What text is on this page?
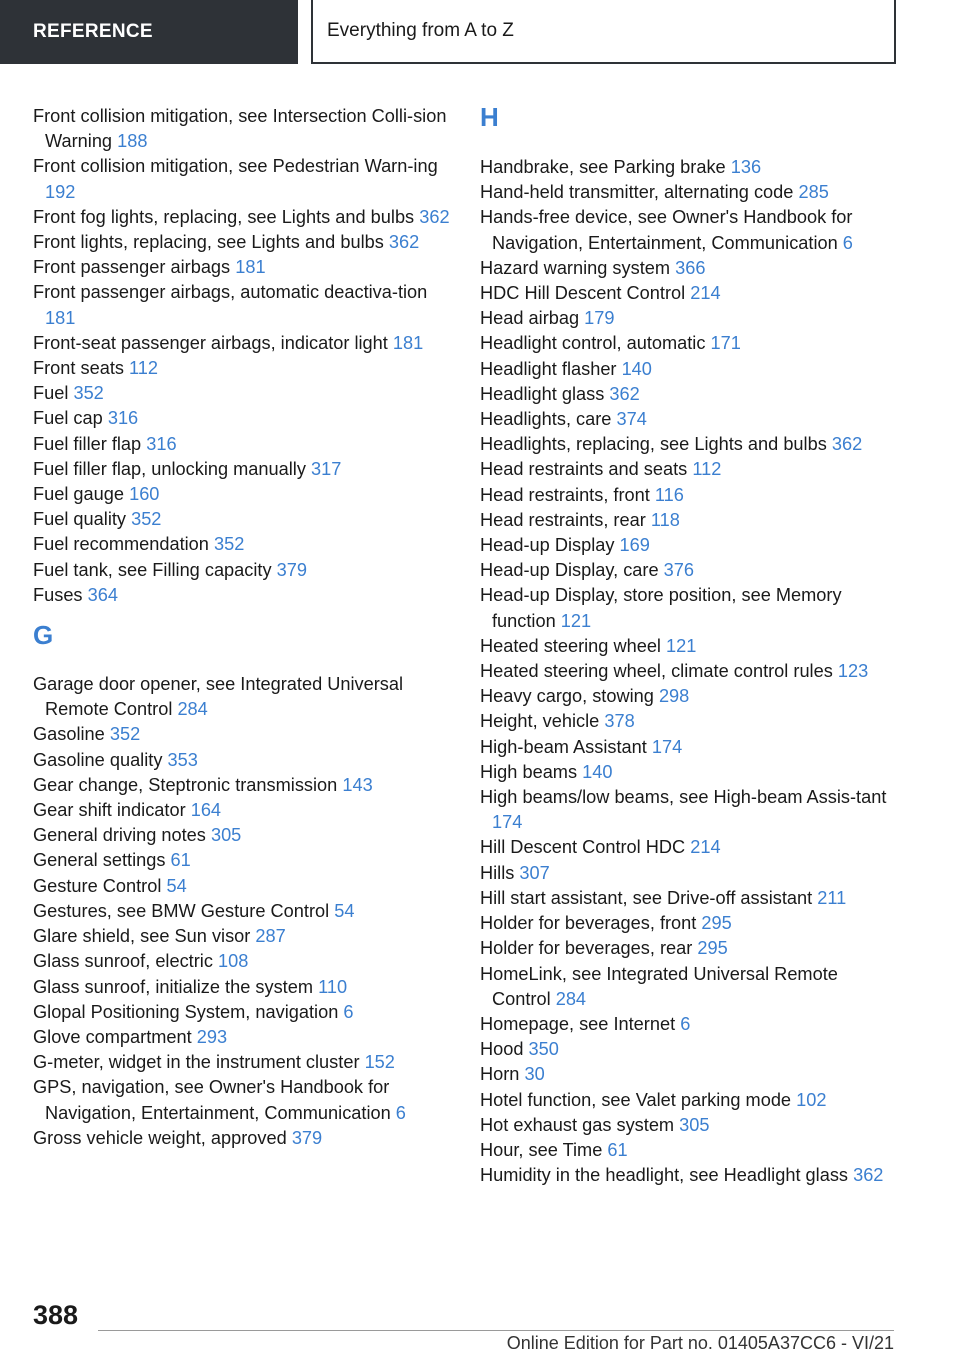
REFERENCE	Everything from A to Z
Front collision mitigation, see Intersection Colli-sion Warning 188
Front collision mitigation, see Pedestrian Warn-ing 192
Front fog lights, replacing, see Lights and bulbs 362
Front lights, replacing, see Lights and bulbs 362
Front passenger airbags 181
Front passenger airbags, automatic deactiva-tion 181
Front-seat passenger airbags, indicator light 181
Front seats 112
Fuel 352
Fuel cap 316
Fuel filler flap 316
Fuel filler flap, unlocking manually 317
Fuel gauge 160
Fuel quality 352
Fuel recommendation 352
Fuel tank, see Filling capacity 379
Fuses 364
G
Garage door opener, see Integrated Universal Remote Control 284
Gasoline 352
Gasoline quality 353
Gear change, Steptronic transmission 143
Gear shift indicator 164
General driving notes 305
General settings 61
Gesture Control 54
Gestures, see BMW Gesture Control 54
Glare shield, see Sun visor 287
Glass sunroof, electric 108
Glass sunroof, initialize the system 110
Glopal Positioning System, navigation 6
Glove compartment 293
G-meter, widget in the instrument cluster 152
GPS, navigation, see Owner's Handbook for Navigation, Entertainment, Communication 6
Gross vehicle weight, approved 379
H
Handbrake, see Parking brake 136
Hand-held transmitter, alternating code 285
Hands-free device, see Owner's Handbook for Navigation, Entertainment, Communication 6
Hazard warning system 366
HDC Hill Descent Control 214
Head airbag 179
Headlight control, automatic 171
Headlight flasher 140
Headlight glass 362
Headlights, care 374
Headlights, replacing, see Lights and bulbs 362
Head restraints and seats 112
Head restraints, front 116
Head restraints, rear 118
Head-up Display 169
Head-up Display, care 376
Head-up Display, store position, see Memory function 121
Heated steering wheel 121
Heated steering wheel, climate control rules 123
Heavy cargo, stowing 298
Height, vehicle 378
High-beam Assistant 174
High beams 140
High beams/low beams, see High-beam Assis-tant 174
Hill Descent Control HDC 214
Hills 307
Hill start assistant, see Drive-off assistant 211
Holder for beverages, front 295
Holder for beverages, rear 295
HomeLink, see Integrated Universal Remote Control 284
Homepage, see Internet 6
Hood 350
Horn 30
Hotel function, see Valet parking mode 102
Hot exhaust gas system 305
Hour, see Time 61
Humidity in the headlight, see Headlight glass 362
388
Online Edition for Part no. 01405A37CC6 - VI/21
